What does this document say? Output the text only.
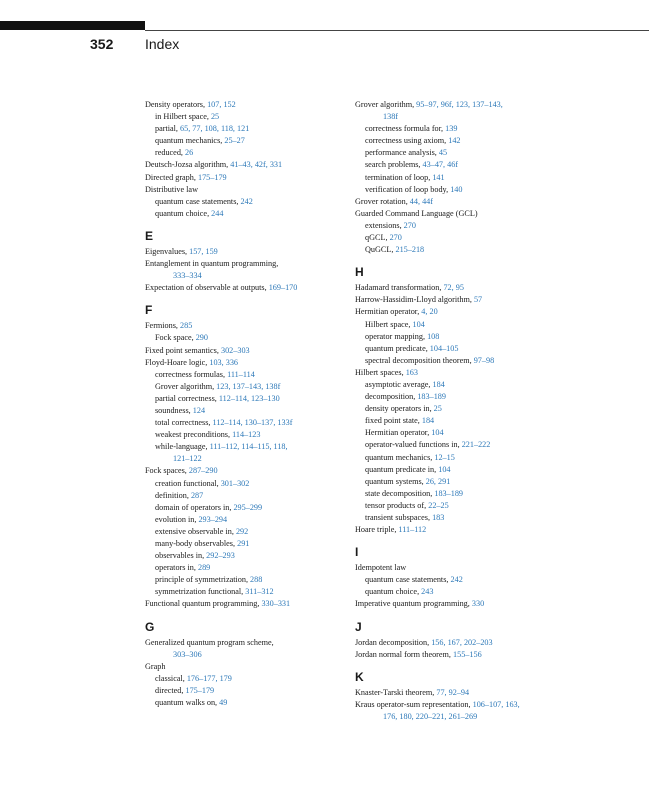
352 Index
Density operators, 107, 152
in Hilbert space, 25
partial, 65, 77, 108, 118, 121
quantum mechanics, 25–27
reduced, 26
Deutsch-Jozsa algorithm, 41–43, 42f, 331
Directed graph, 175–179
Distributive law
quantum case statements, 242
quantum choice, 244
E
Eigenvalues, 157, 159
Entanglement in quantum programming,
333–334
Expectation of observable at outputs, 169–170
F
Fermions, 285
Fock space, 290
Fixed point semantics, 302–303
Floyd-Hoare logic, 103, 336
correctness formulas, 111–114
Grover algorithm, 123, 137–143, 138f
partial correctness, 112–114, 123–130
soundness, 124
total correctness, 112–114, 130–137, 133f
weakest preconditions, 114–123
while-language, 111–112, 114–115, 118,
121–122
Fock spaces, 287–290
creation functional, 301–302
definition, 287
domain of operators in, 295–299
evolution in, 293–294
extensive observable in, 292
many-body observables, 291
observables in, 292–293
operators in, 289
principle of symmetrization, 288
symmetrization functional, 311–312
Functional quantum programming, 330–331
G
Generalized quantum program scheme,
303–306
Graph
classical, 176–177, 179
directed, 175–179
quantum walks on, 49
Grover algorithm, 95–97, 96f, 123, 137–143,
138f
correctness formula for, 139
correctness using axiom, 142
performance analysis, 45
search problems, 43–47, 46f
termination of loop, 141
verification of loop body, 140
Grover rotation, 44, 44f
Guarded Command Language (GCL)
extensions, 270
qGCL, 270
QuGCL, 215–218
H
Hadamard transformation, 72, 95
Harrow-Hassidim-Lloyd algorithm, 57
Hermitian operator, 4, 20
Hilbert space, 104
operator mapping, 108
quantum predicate, 104–105
spectral decomposition theorem, 97–98
Hilbert spaces, 163
asymptotic average, 184
decomposition, 183–189
density operators in, 25
fixed point state, 184
Hermitian operator, 104
operator-valued functions in, 221–222
quantum mechanics, 12–15
quantum predicate in, 104
quantum systems, 26, 291
state decomposition, 183–189
tensor products of, 22–25
transient subspaces, 183
Hoare triple, 111–112
I
Idempotent law
quantum case statements, 242
quantum choice, 243
Imperative quantum programming, 330
J
Jordan decomposition, 156, 167, 202–203
Jordan normal form theorem, 155–156
K
Knaster-Tarski theorem, 77, 92–94
Kraus operator-sum representation, 106–107, 163,
176, 180, 220–221, 261–269
